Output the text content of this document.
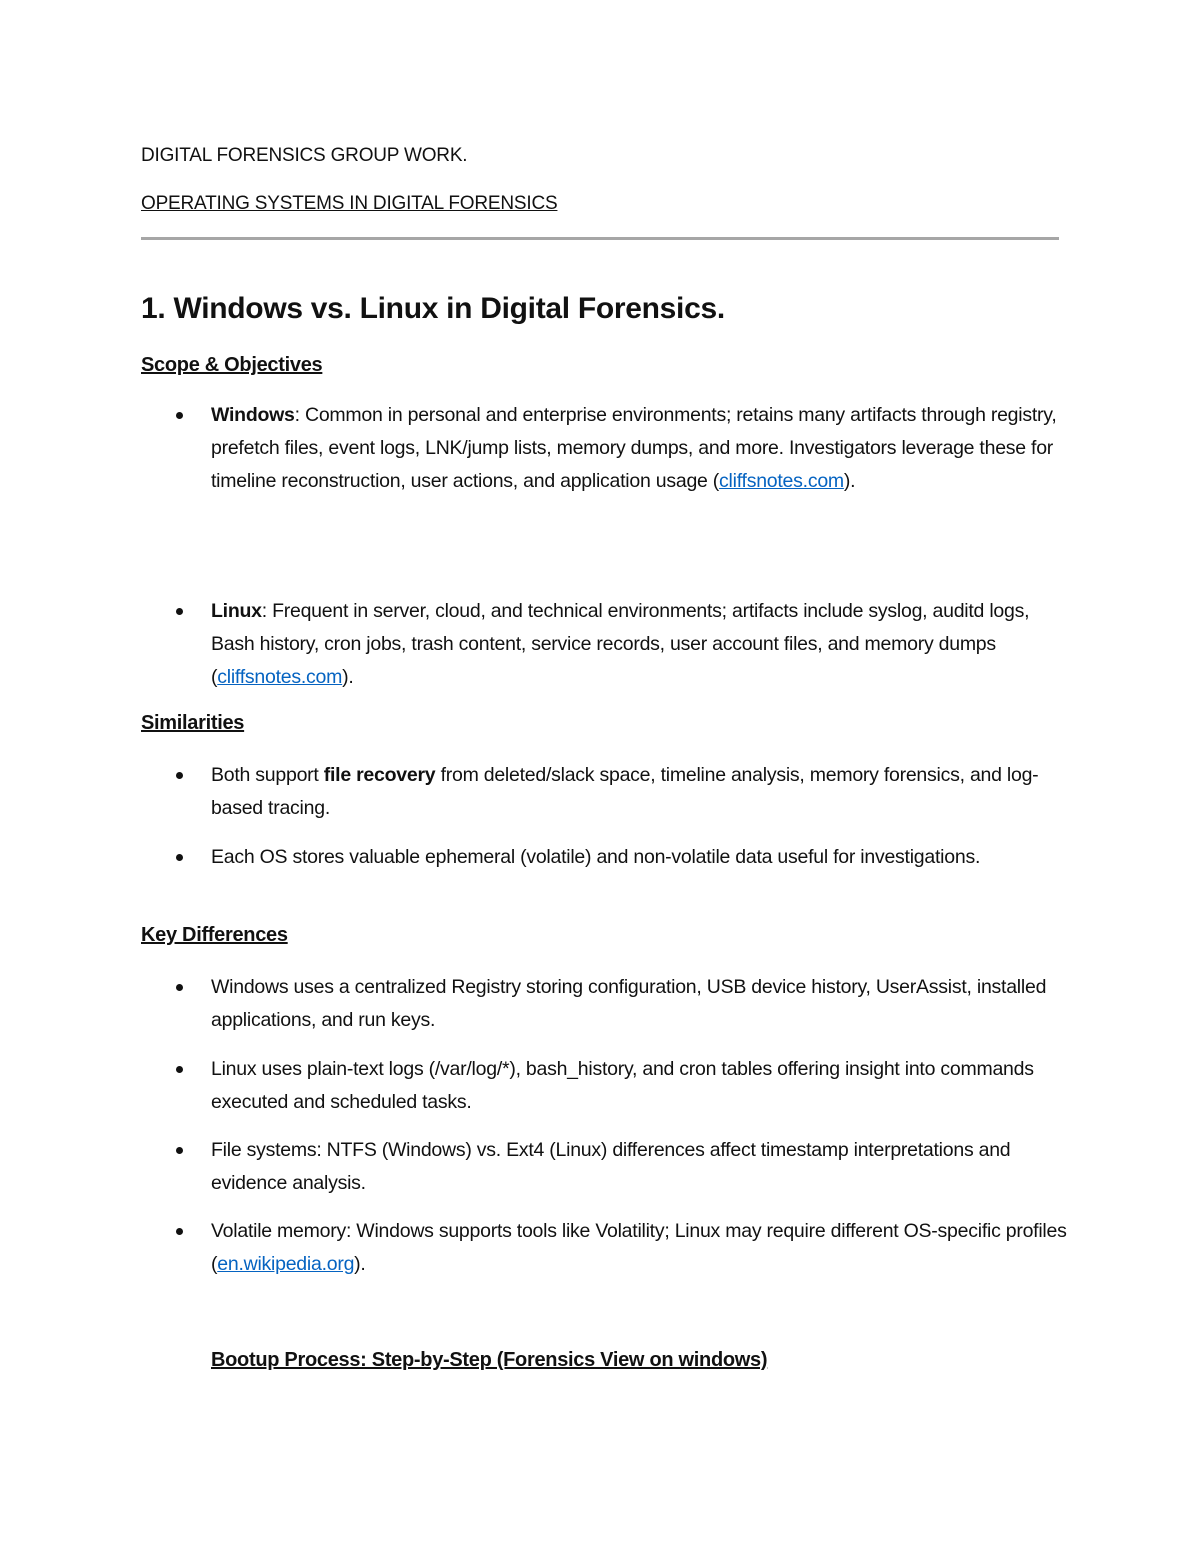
DIGITAL FORENSICS GROUP WORK.
OPERATING SYSTEMS IN DIGITAL FORENSICS
1. Windows vs. Linux in Digital Forensics.
Scope & Objectives
Windows: Common in personal and enterprise environments; retains many artifacts through registry, prefetch files, event logs, LNK/jump lists, memory dumps, and more. Investigators leverage these for timeline reconstruction, user actions, and application usage (cliffsnotes.com).
Linux: Frequent in server, cloud, and technical environments; artifacts include syslog, auditd logs, Bash history, cron jobs, trash content, service records, user account files, and memory dumps (cliffsnotes.com).
Similarities
Both support file recovery from deleted/slack space, timeline analysis, memory forensics, and log-based tracing.
Each OS stores valuable ephemeral (volatile) and non-volatile data useful for investigations.
Key Differences
Windows uses a centralized Registry storing configuration, USB device history, UserAssist, installed applications, and run keys.
Linux uses plain-text logs (/var/log/*), bash_history, and cron tables offering insight into commands executed and scheduled tasks.
File systems: NTFS (Windows) vs. Ext4 (Linux) differences affect timestamp interpretations and evidence analysis.
Volatile memory: Windows supports tools like Volatility; Linux may require different OS-specific profiles (en.wikipedia.org).
Bootup Process: Step-by-Step (Forensics View on windows)
